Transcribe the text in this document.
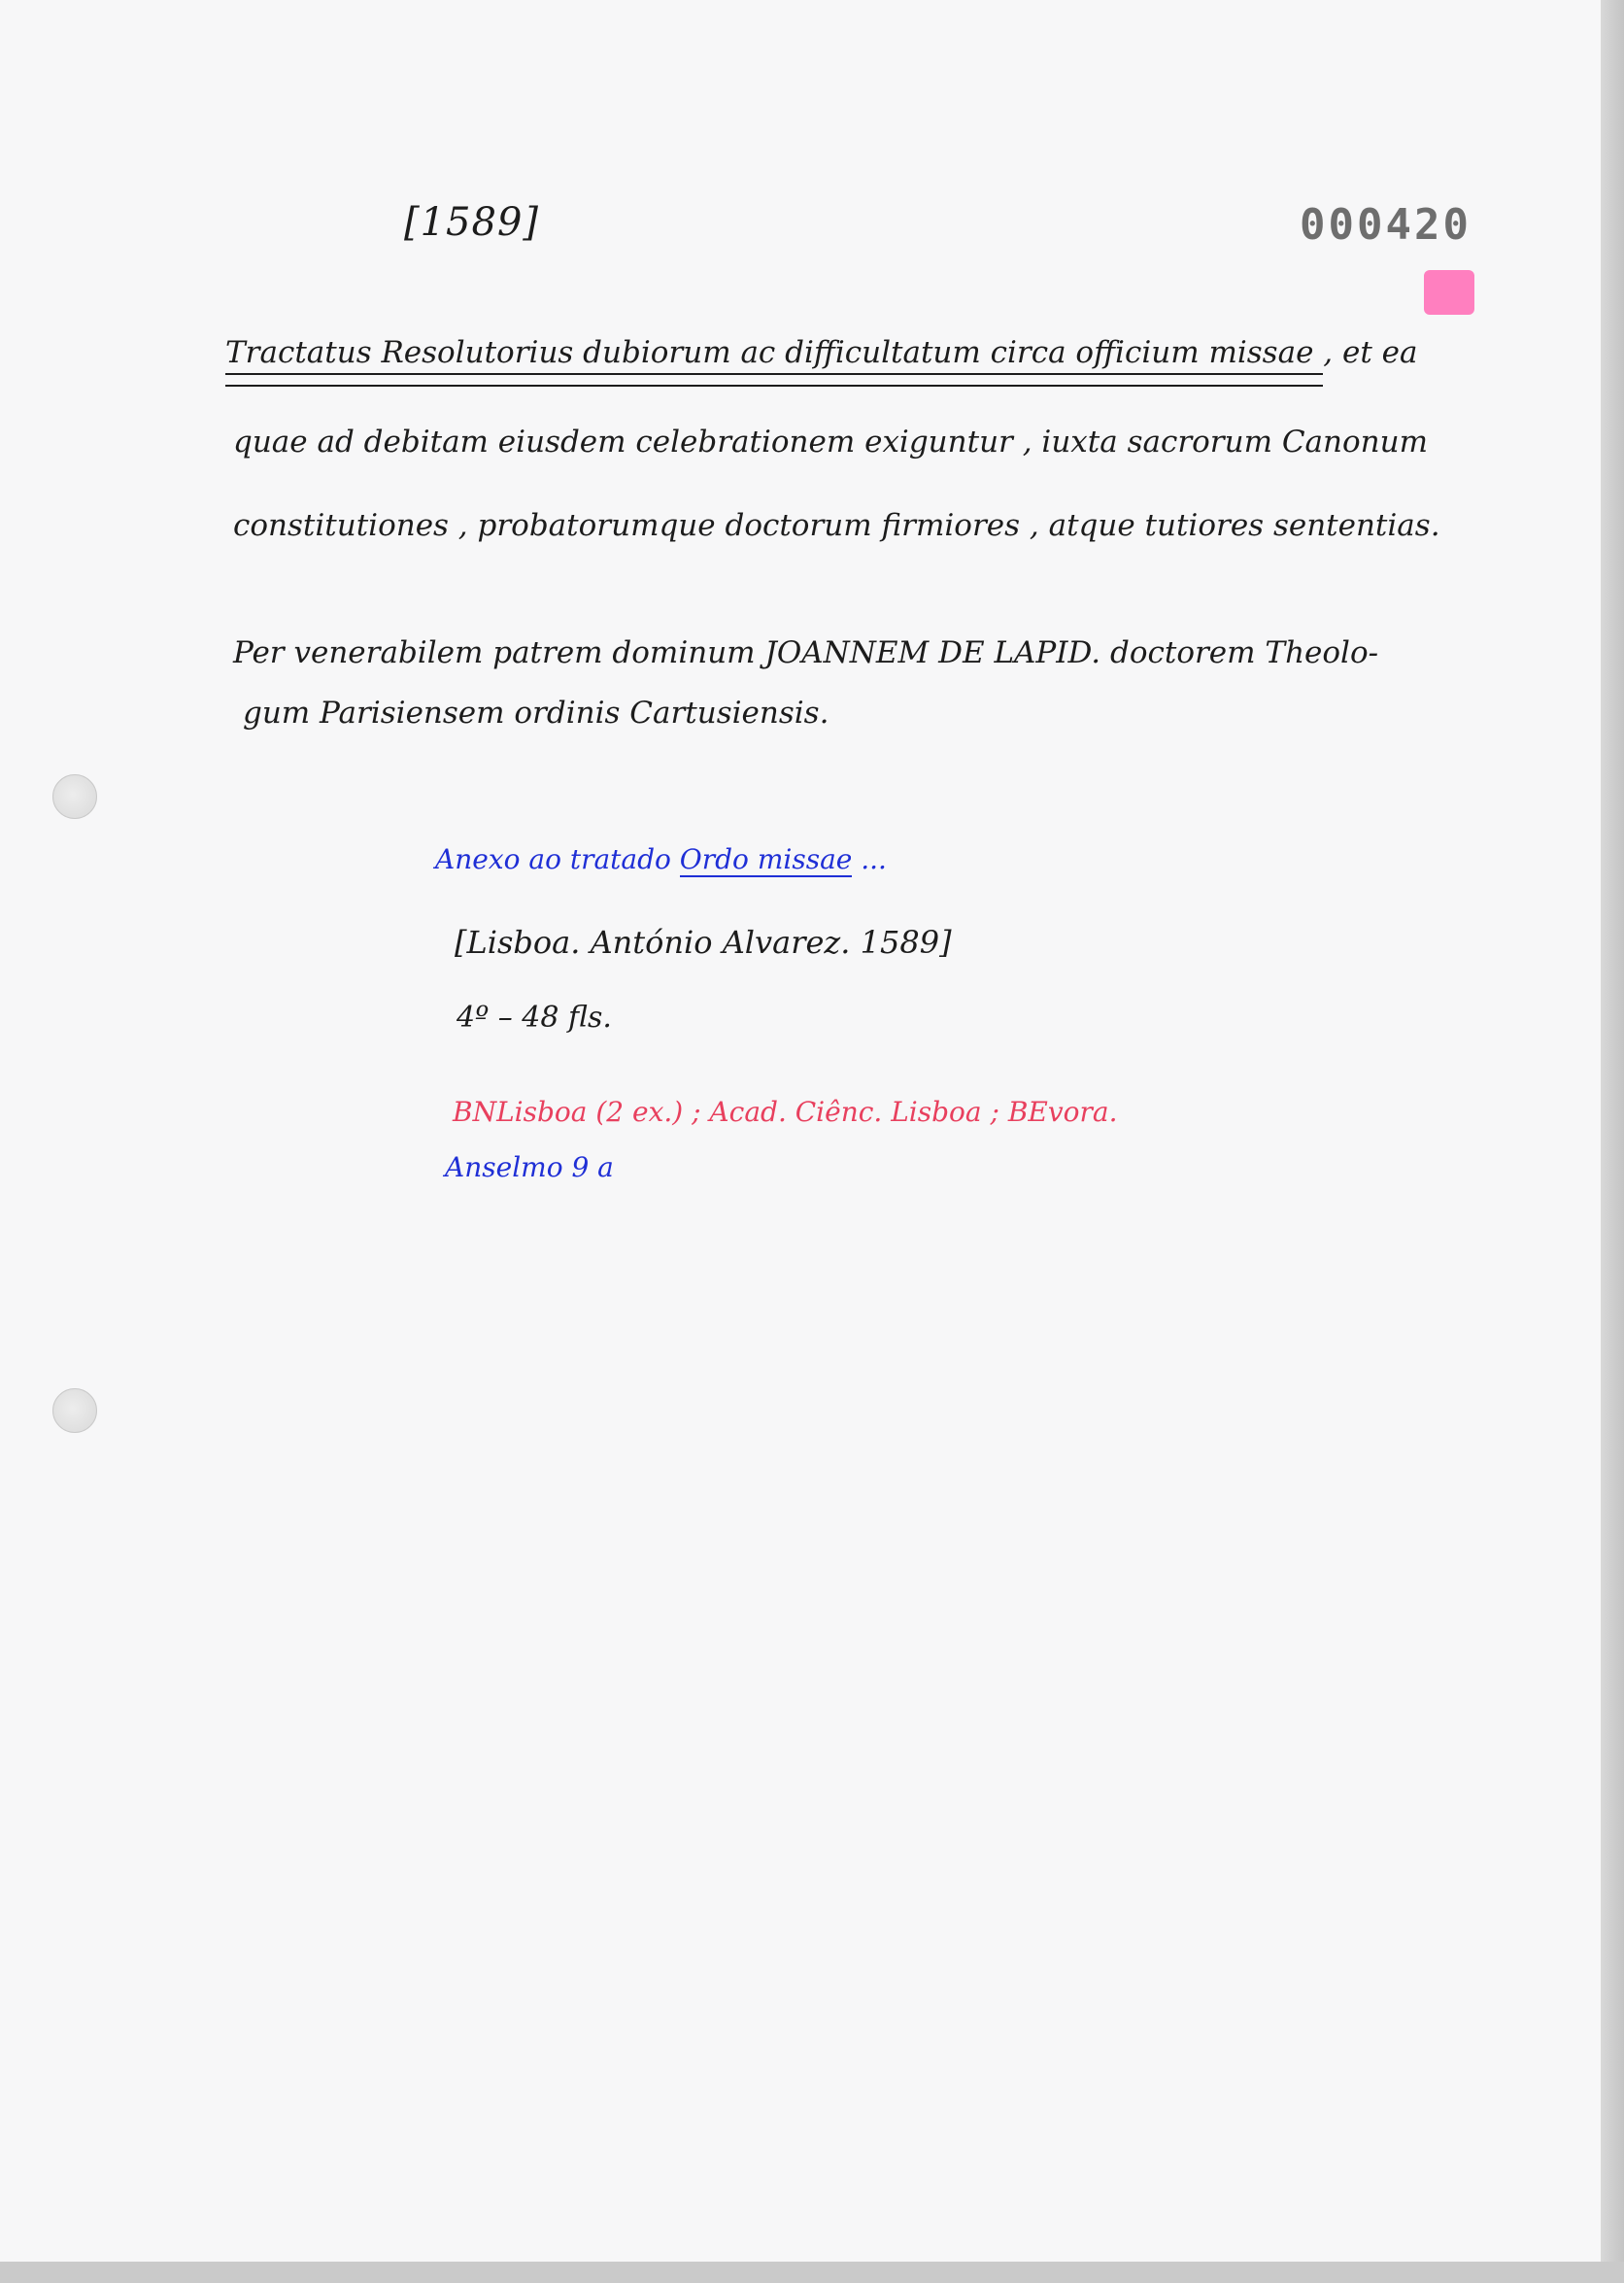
[1589]	000420

Tractatus Resolutorius dubiorum ac difficultatum circa officium missae , et ea

quae ad debitam eiusdem celebrationem exiguntur , iuxta sacrorum Canonum

constitutiones , probatorumque doctorum firmiores , atque tutiores sententias.

Per venerabilem patrem dominum JOANNEM DE LAPID. doctorem Theolo-

gum Parisiensem ordinis Cartusiensis.

Anexo ao tratado Ordo missae ...

[Lisboa. António Alvarez. 1589]

4º – 48 fls.

BNLisboa (2 ex.) ; Acad. Ciênc. Lisboa ; BEvora.

Anselmo 9 a
